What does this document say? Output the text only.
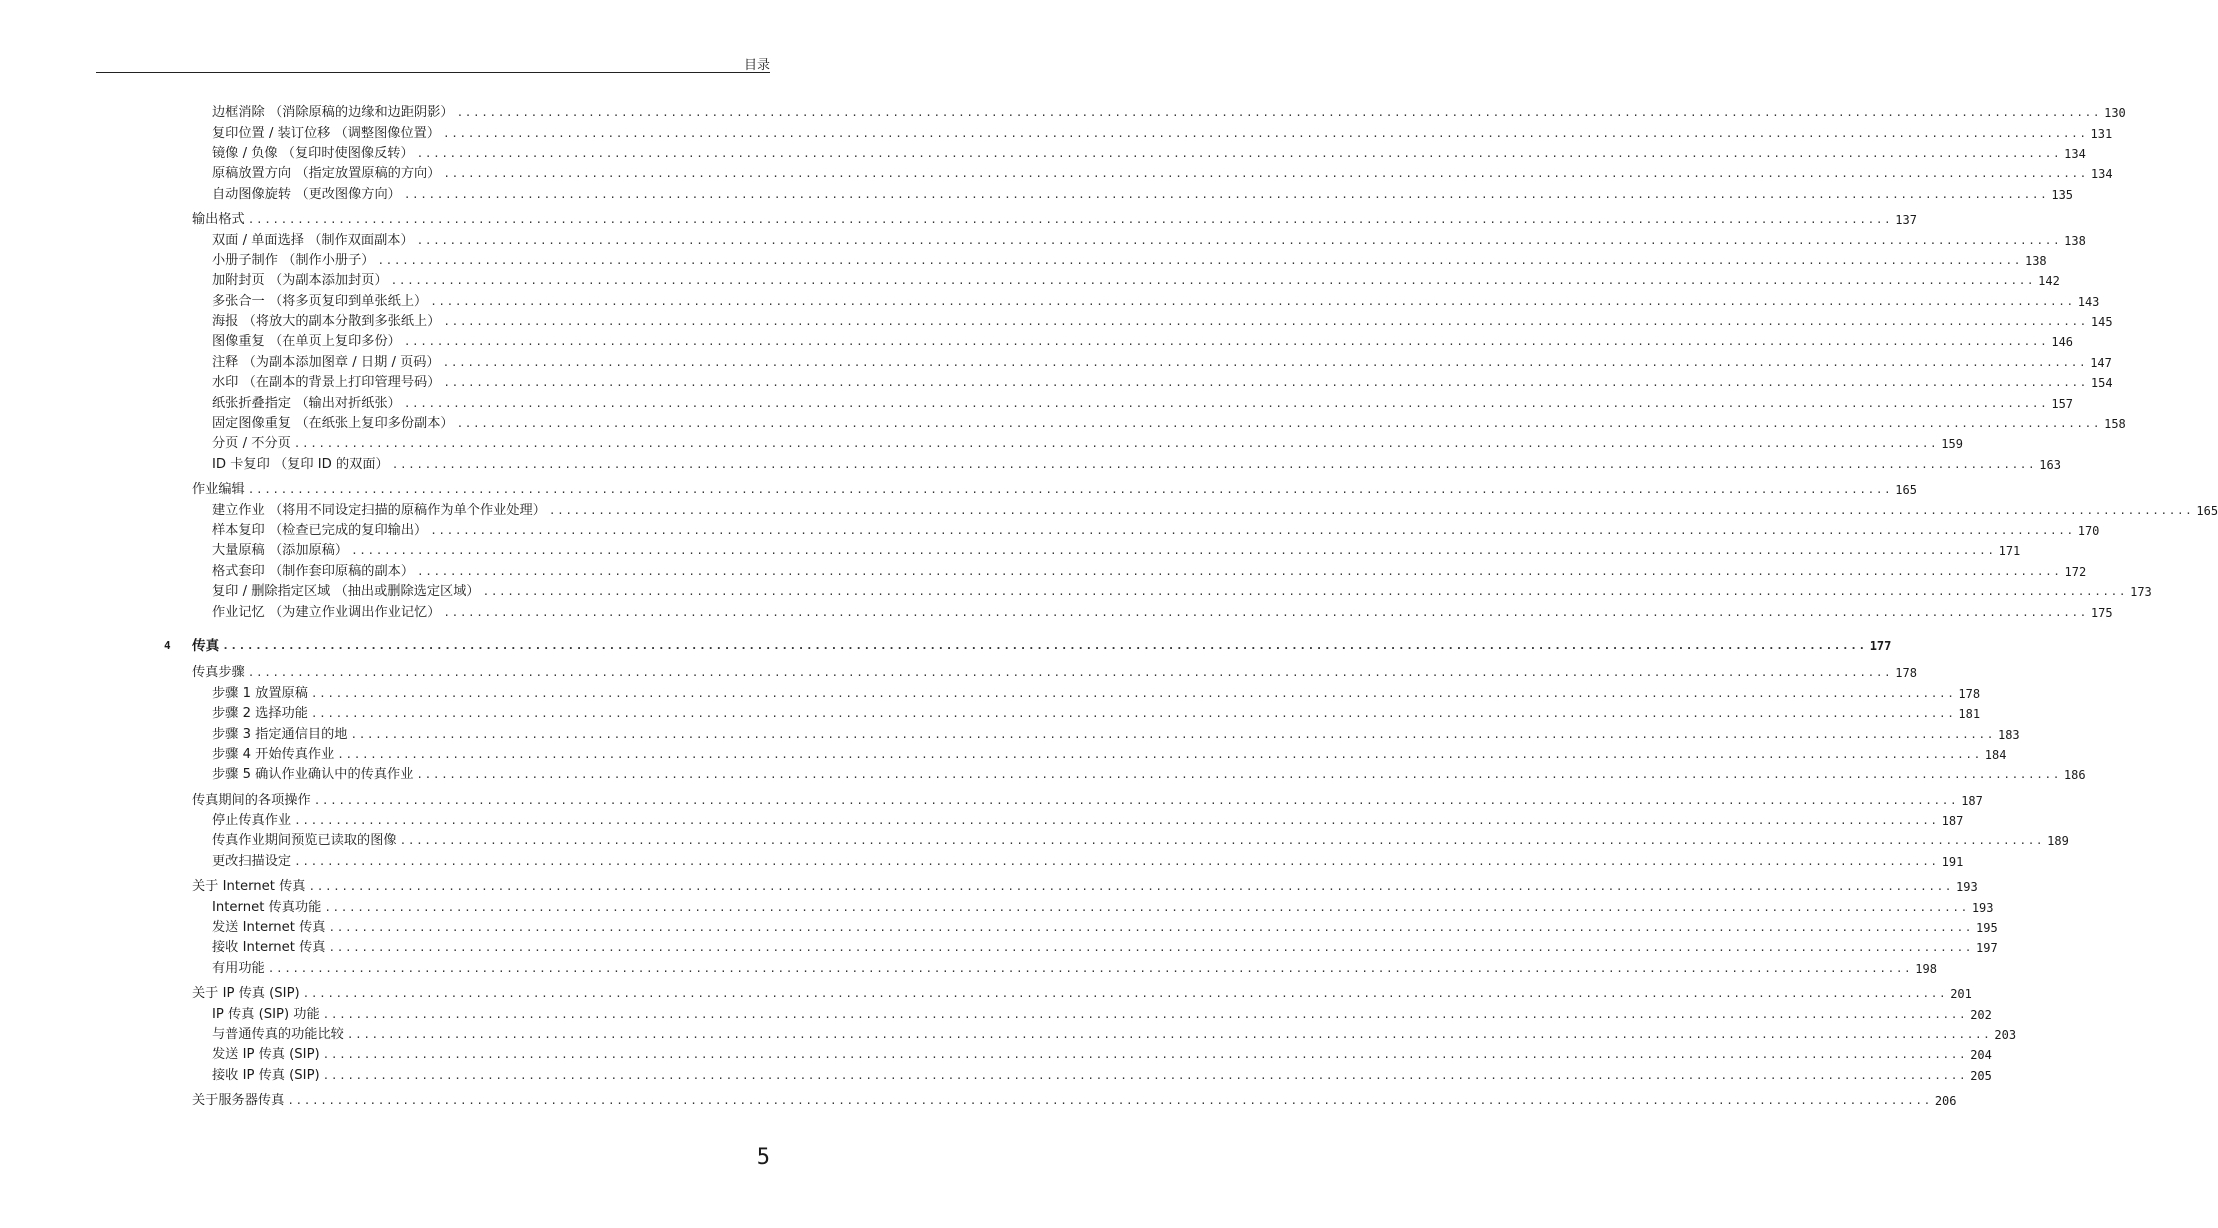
目录
边框消除 （消除原稿的边缘和边距阴影） ........................................................................................................................................................................................................ 130
复印位置 / 装订位移 （调整图像位置） ........................................................................................................................................................................................................ 131
镜像 / 负像 （复印时使图像反转） ........................................................................................................................................................................................................ 134
原稿放置方向 （指定放置原稿的方向） ........................................................................................................................................................................................................ 134
自动图像旋转 （更改图像方向） ........................................................................................................................................................................................................ 135
输出格式 ........................................................................................................................................................................................................ 137
双面 / 单面选择 （制作双面副本） ........................................................................................................................................................................................................ 138
小册子制作 （制作小册子） ........................................................................................................................................................................................................ 138
加附封页 （为副本添加封页） ........................................................................................................................................................................................................ 142
多张合一 （将多页复印到单张纸上） ........................................................................................................................................................................................................ 143
海报 （将放大的副本分散到多张纸上） ........................................................................................................................................................................................................ 145
图像重复 （在单页上复印多份） ........................................................................................................................................................................................................ 146
注释 （为副本添加图章 / 日期 / 页码） ........................................................................................................................................................................................................ 147
水印 （在副本的背景上打印管理号码） ........................................................................................................................................................................................................ 154
纸张折叠指定 （输出对折纸张） ........................................................................................................................................................................................................ 157
固定图像重复 （在纸张上复印多份副本） ........................................................................................................................................................................................................ 158
分页 / 不分页 ........................................................................................................................................................................................................ 159
ID 卡复印 （复印 ID 的双面） ........................................................................................................................................................................................................ 163
作业编辑 ........................................................................................................................................................................................................ 165
建立作业 （将用不同设定扫描的原稿作为单个作业处理） ........................................................................................................................................................................................................ 165
样本复印 （检查已完成的复印输出） ........................................................................................................................................................................................................ 170
大量原稿 （添加原稿） ........................................................................................................................................................................................................ 171
格式套印 （制作套印原稿的副本） ........................................................................................................................................................................................................ 172
复印 / 删除指定区域 （抽出或删除选定区域） ........................................................................................................................................................................................................ 173
作业记忆 （为建立作业调出作业记忆） ........................................................................................................................................................................................................ 175
4	传真 ........................................................................................................................................................................................................ 177
传真步骤 ........................................................................................................................................................................................................ 178
步骤 1 放置原稿 ........................................................................................................................................................................................................ 178
步骤 2 选择功能 ........................................................................................................................................................................................................ 181
步骤 3 指定通信目的地 ........................................................................................................................................................................................................ 183
步骤 4 开始传真作业 ........................................................................................................................................................................................................ 184
步骤 5 确认作业确认中的传真作业 ........................................................................................................................................................................................................ 186
传真期间的各项操作 ........................................................................................................................................................................................................ 187
停止传真作业 ........................................................................................................................................................................................................ 187
传真作业期间预览已读取的图像 ........................................................................................................................................................................................................ 189
更改扫描设定 ........................................................................................................................................................................................................ 191
关于 Internet 传真 ........................................................................................................................................................................................................ 193
Internet 传真功能 ........................................................................................................................................................................................................ 193
发送 Internet 传真 ........................................................................................................................................................................................................ 195
接收 Internet 传真 ........................................................................................................................................................................................................ 197
有用功能 ........................................................................................................................................................................................................ 198
关于 IP 传真 (SIP) ........................................................................................................................................................................................................ 201
IP 传真 (SIP) 功能 ........................................................................................................................................................................................................ 202
与普通传真的功能比较 ........................................................................................................................................................................................................ 203
发送 IP 传真 (SIP) ........................................................................................................................................................................................................ 204
接收 IP 传真 (SIP) ........................................................................................................................................................................................................ 205
关于服务器传真 ........................................................................................................................................................................................................ 206
5
